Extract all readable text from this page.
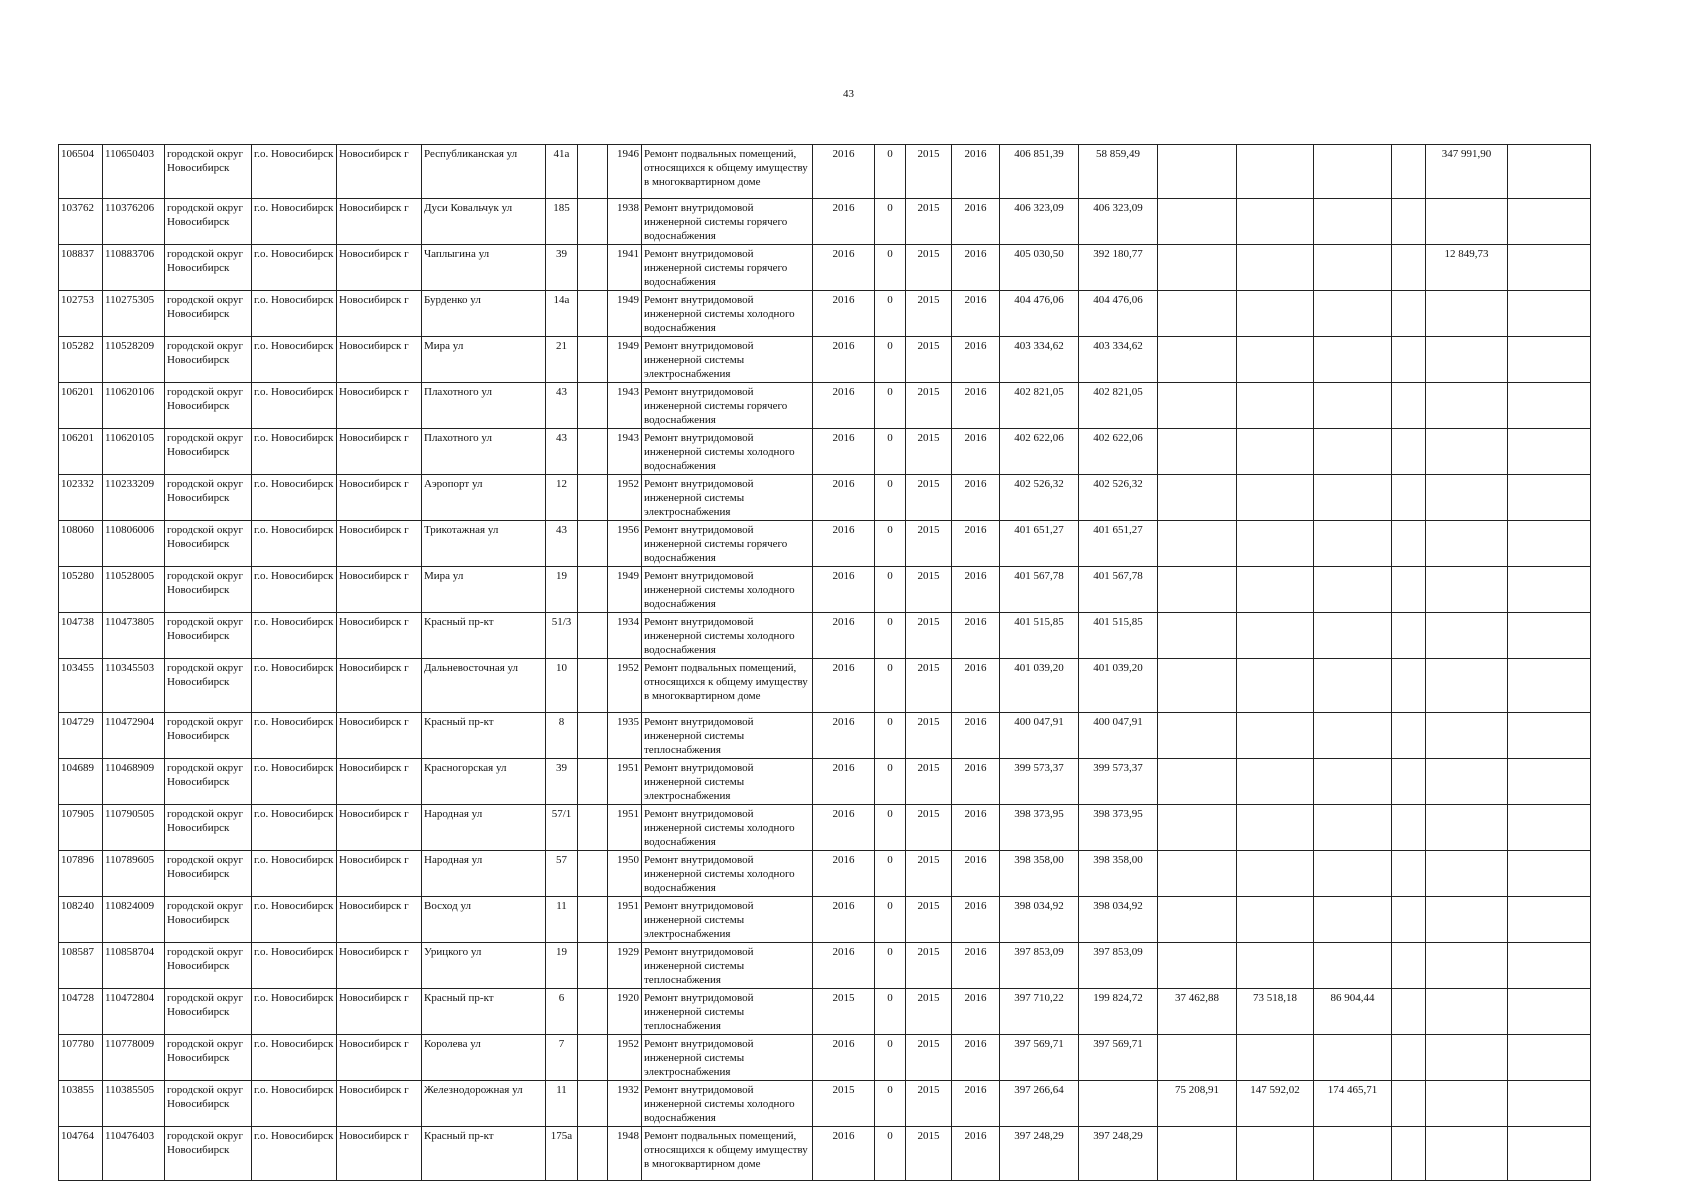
43
106504	110650403	городской округ Новосибирск	г.о. Новосибирск	Новосибирск г	Республиканская ул	41а		1946	Ремонт подвальных помещений, относящихся к общему имуществу в многоквартирном доме	2016	0	2015	2016	406 851,39	58 859,49					347 991,90	
103762	110376206	городской округ Новосибирск	г.о. Новосибирск	Новосибирск г	Дуси Ковальчук ул	185		1938	Ремонт внутридомовой инженерной системы горячего водоснабжения	2016	0	2015	2016	406 323,09	406 323,09						
108837	110883706	городской округ Новосибирск	г.о. Новосибирск	Новосибирск г	Чаплыгина ул	39		1941	Ремонт внутридомовой инженерной системы горячего водоснабжения	2016	0	2015	2016	405 030,50	392 180,77					12 849,73	
102753	110275305	городской округ Новосибирск	г.о. Новосибирск	Новосибирск г	Бурденко ул	14а		1949	Ремонт внутридомовой инженерной системы холодного водоснабжения	2016	0	2015	2016	404 476,06	404 476,06						
105282	110528209	городской округ Новосибирск	г.о. Новосибирск	Новосибирск г	Мира ул	21		1949	Ремонт внутридомовой инженерной системы электроснабжения	2016	0	2015	2016	403 334,62	403 334,62						
106201	110620106	городской округ Новосибирск	г.о. Новосибирск	Новосибирск г	Плахотного ул	43		1943	Ремонт внутридомовой инженерной системы горячего водоснабжения	2016	0	2015	2016	402 821,05	402 821,05						
106201	110620105	городской округ Новосибирск	г.о. Новосибирск	Новосибирск г	Плахотного ул	43		1943	Ремонт внутридомовой инженерной системы холодного водоснабжения	2016	0	2015	2016	402 622,06	402 622,06						
102332	110233209	городской округ Новосибирск	г.о. Новосибирск	Новосибирск г	Аэропорт ул	12		1952	Ремонт внутридомовой инженерной системы электроснабжения	2016	0	2015	2016	402 526,32	402 526,32						
108060	110806006	городской округ Новосибирск	г.о. Новосибирск	Новосибирск г	Трикотажная ул	43		1956	Ремонт внутридомовой инженерной системы горячего водоснабжения	2016	0	2015	2016	401 651,27	401 651,27						
105280	110528005	городской округ Новосибирск	г.о. Новосибирск	Новосибирск г	Мира ул	19		1949	Ремонт внутридомовой инженерной системы холодного водоснабжения	2016	0	2015	2016	401 567,78	401 567,78						
104738	110473805	городской округ Новосибирск	г.о. Новосибирск	Новосибирск г	Красный пр-кт	51/3		1934	Ремонт внутридомовой инженерной системы холодного водоснабжения	2016	0	2015	2016	401 515,85	401 515,85						
103455	110345503	городской округ Новосибирск	г.о. Новосибирск	Новосибирск г	Дальневосточная ул	10		1952	Ремонт подвальных помещений, относящихся к общему имуществу в многоквартирном доме	2016	0	2015	2016	401 039,20	401 039,20						
104729	110472904	городской округ Новосибирск	г.о. Новосибирск	Новосибирск г	Красный пр-кт	8		1935	Ремонт внутридомовой инженерной системы теплоснабжения	2016	0	2015	2016	400 047,91	400 047,91						
104689	110468909	городской округ Новосибирск	г.о. Новосибирск	Новосибирск г	Красногорская ул	39		1951	Ремонт внутридомовой инженерной системы электроснабжения	2016	0	2015	2016	399 573,37	399 573,37						
107905	110790505	городской округ Новосибирск	г.о. Новосибирск	Новосибирск г	Народная ул	57/1		1951	Ремонт внутридомовой инженерной системы холодного водоснабжения	2016	0	2015	2016	398 373,95	398 373,95						
107896	110789605	городской округ Новосибирск	г.о. Новосибирск	Новосибирск г	Народная ул	57		1950	Ремонт внутридомовой инженерной системы холодного водоснабжения	2016	0	2015	2016	398 358,00	398 358,00						
108240	110824009	городской округ Новосибирск	г.о. Новосибирск	Новосибирск г	Восход ул	11		1951	Ремонт внутридомовой инженерной системы электроснабжения	2016	0	2015	2016	398 034,92	398 034,92						
108587	110858704	городской округ Новосибирск	г.о. Новосибирск	Новосибирск г	Урицкого ул	19		1929	Ремонт внутридомовой инженерной системы теплоснабжения	2016	0	2015	2016	397 853,09	397 853,09						
104728	110472804	городской округ Новосибирск	г.о. Новосибирск	Новосибирск г	Красный пр-кт	6		1920	Ремонт внутридомовой инженерной системы теплоснабжения	2015	0	2015	2016	397 710,22	199 824,72	37 462,88	73 518,18	86 904,44			
107780	110778009	городской округ Новосибирск	г.о. Новосибирск	Новосибирск г	Королева ул	7		1952	Ремонт внутридомовой инженерной системы электроснабжения	2016	0	2015	2016	397 569,71	397 569,71						
103855	110385505	городской округ Новосибирск	г.о. Новосибирск	Новосибирск г	Железнодорожная ул	11		1932	Ремонт внутридомовой инженерной системы холодного водоснабжения	2015	0	2015	2016	397 266,64		75 208,91	147 592,02	174 465,71			
104764	110476403	городской округ Новосибирск	г.о. Новосибирск	Новосибирск г	Красный пр-кт	175а		1948	Ремонт подвальных помещений, относящихся к общему имуществу в многоквартирном доме	2016	0	2015	2016	397 248,29	397 248,29						
